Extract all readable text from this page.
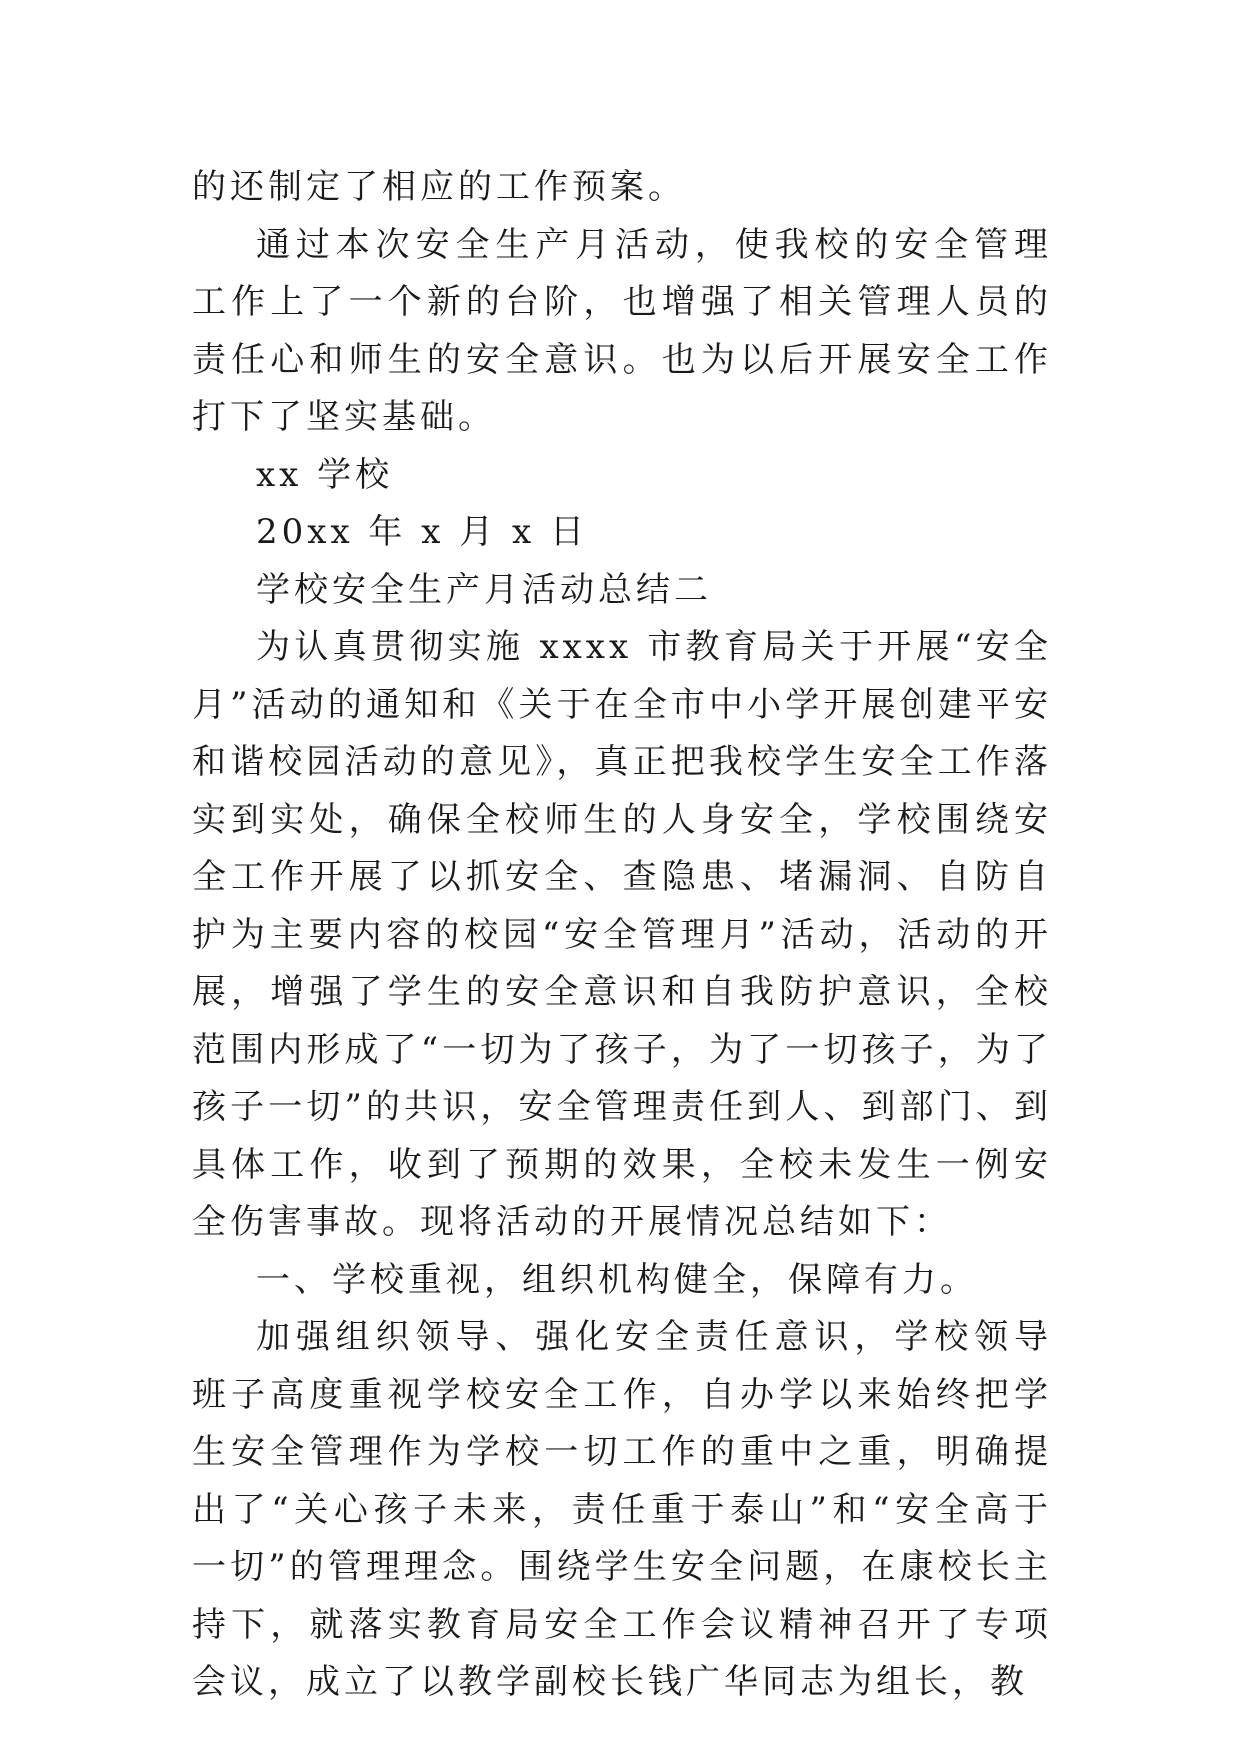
的还制定了相应的工作预案。

通过本次安全生产月活动，使我校的安全管理工作上了一个新的台阶，也增强了相关管理人员的责任心和师生的安全意识。也为以后开展安全工作打下了坚实基础。

xx 学校

20xx 年 x 月 x 日

学校安全生产月活动总结二

为认真贯彻实施 xxxx 市教育局关于开展“安全月”活动的通知和《关于在全市中小学开展创建平安和谐校园活动的意见》，真正把我校学生安全工作落实到实处，确保全校师生的人身安全，学校围绕安全工作开展了以抓安全、查隐患、堵漏洞、自防自护为主要内容的校园“安全管理月”活动，活动的开展，增强了学生的安全意识和自我防护意识，全校范围内形成了“一切为了孩子，为了一切孩子，为了孩子一切”的共识，安全管理责任到人、到部门、到具体工作，收到了预期的效果，全校未发生一例安全伤害事故。现将活动的开展情况总结如下：

一、学校重视，组织机构健全，保障有力。

加强组织领导、强化安全责任意识，学校领导班子高度重视学校安全工作，自办学以来始终把学生安全管理作为学校一切工作的重中之重，明确提出了“关心孩子未来，责任重于泰山”和“安全高于一切”的管理理念。围绕学生安全问题，在康校长主持下，就落实教育局安全工作会议精神召开了专项会议，成立了以教学副校长钱广华同志为组长，教
